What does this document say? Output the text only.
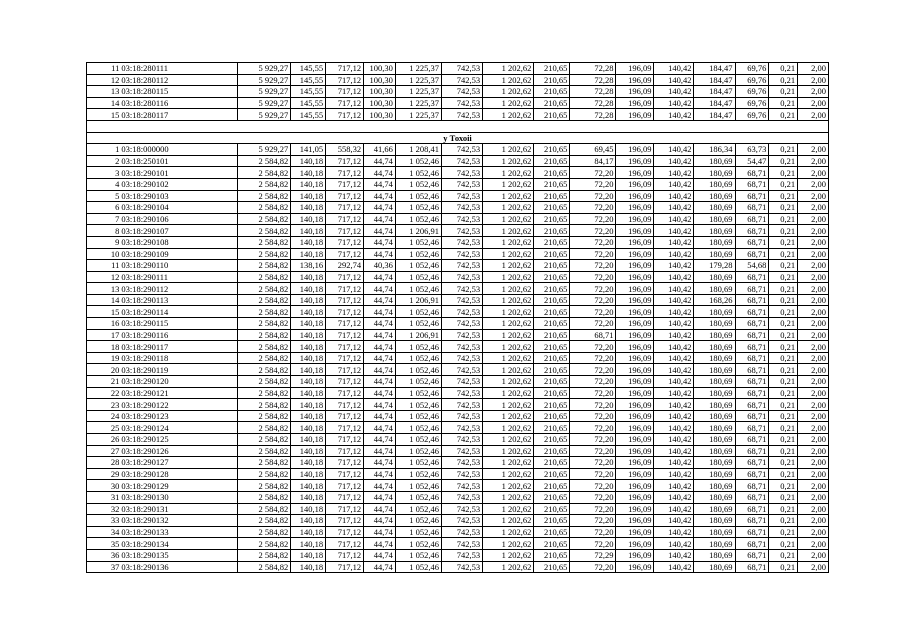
11	03:18:280111	5 929,27	145,55	717,12	100,30	1 225,37	742,53	1 202,62	210,65	72,28	196,09	140,42	184,47	69,76	0,21	2,00
12	03:18:280112	5 929,27	145,55	717,12	100,30	1 225,37	742,53	1 202,62	210,65	72,28	196,09	140,42	184,47	69,76	0,21	2,00
13	03:18:280115	5 929,27	145,55	717,12	100,30	1 225,37	742,53	1 202,62	210,65	72,28	196,09	140,42	184,47	69,76	0,21	2,00
14	03:18:280116	5 929,27	145,55	717,12	100,30	1 225,37	742,53	1 202,62	210,65	72,28	196,09	140,42	184,47	69,76	0,21	2,00
15	03:18:280117	5 929,27	145,55	717,12	100,30	1 225,37	742,53	1 202,62	210,65	72,28	196,09	140,42	184,47	69,76	0,21	2,00

у Тохоіі																
1	03:18:000000	5 929,27	141,05	558,32	41,66	1 208,41	742,53	1 202,62	210,65	69,45	196,09	140,42	186,34	63,73	0,21	2,00
2	03:18:250101	2 584,82	140,18	717,12	44,74	1 052,46	742,53	1 202,62	210,65	84,17	196,09	140,42	180,69	54,47	0,21	2,00
3	03:18:290101	2 584,82	140,18	717,12	44,74	1 052,46	742,53	1 202,62	210,65	72,20	196,09	140,42	180,69	68,71	0,21	2,00
4	03:18:290102	2 584,82	140,18	717,12	44,74	1 052,46	742,53	1 202,62	210,65	72,20	196,09	140,42	180,69	68,71	0,21	2,00
5	03:18:290103	2 584,82	140,18	717,12	44,74	1 052,46	742,53	1 202,62	210,65	72,20	196,09	140,42	180,69	68,71	0,21	2,00
6	03:18:290104	2 584,82	140,18	717,12	44,74	1 052,46	742,53	1 202,62	210,65	72,20	196,09	140,42	180,69	68,71	0,21	2,00
7	03:18:290106	2 584,82	140,18	717,12	44,74	1 052,46	742,53	1 202,62	210,65	72,20	196,09	140,42	180,69	68,71	0,21	2,00
8	03:18:290107	2 584,82	140,18	717,12	44,74	1 206,91	742,53	1 202,62	210,65	72,20	196,09	140,42	180,69	68,71	0,21	2,00
9	03:18:290108	2 584,82	140,18	717,12	44,74	1 052,46	742,53	1 202,62	210,65	72,20	196,09	140,42	180,69	68,71	0,21	2,00
10	03:18:290109	2 584,82	140,18	717,12	44,74	1 052,46	742,53	1 202,62	210,65	72,20	196,09	140,42	180,69	68,71	0,21	2,00
11	03:18:290110	2 584,82	138,16	292,74	40,36	1 052,46	742,53	1 202,62	210,65	72,20	196,09	140,42	179,28	54,68	0,21	2,00
12	03:18:290111	2 584,82	140,18	717,12	44,74	1 052,46	742,53	1 202,62	210,65	72,20	196,09	140,42	180,69	68,71	0,21	2,00
13	03:18:290112	2 584,82	140,18	717,12	44,74	1 052,46	742,53	1 202,62	210,65	72,20	196,09	140,42	180,69	68,71	0,21	2,00
14	03:18:290113	2 584,82	140,18	717,12	44,74	1 206,91	742,53	1 202,62	210,65	72,20	196,09	140,42	168,26	68,71	0,21	2,00
15	03:18:290114	2 584,82	140,18	717,12	44,74	1 052,46	742,53	1 202,62	210,65	72,20	196,09	140,42	180,69	68,71	0,21	2,00
16	03:18:290115	2 584,82	140,18	717,12	44,74	1 052,46	742,53	1 202,62	210,65	72,20	196,09	140,42	180,69	68,71	0,21	2,00
17	03:18:290116	2 584,82	140,18	717,12	44,74	1 206,91	742,53	1 202,62	210,65	68,71	196,09	140,42	180,69	68,71	0,21	2,00
18	03:18:290117	2 584,82	140,18	717,12	44,74	1 052,46	742,53	1 202,62	210,65	72,20	196,09	140,42	180,69	68,71	0,21	2,00
19	03:18:290118	2 584,82	140,18	717,12	44,74	1 052,46	742,53	1 202,62	210,65	72,20	196,09	140,42	180,69	68,71	0,21	2,00
20	03:18:290119	2 584,82	140,18	717,12	44,74	1 052,46	742,53	1 202,62	210,65	72,20	196,09	140,42	180,69	68,71	0,21	2,00
21	03:18:290120	2 584,82	140,18	717,12	44,74	1 052,46	742,53	1 202,62	210,65	72,20	196,09	140,42	180,69	68,71	0,21	2,00
22	03:18:290121	2 584,82	140,18	717,12	44,74	1 052,46	742,53	1 202,62	210,65	72,20	196,09	140,42	180,69	68,71	0,21	2,00
23	03:18:290122	2 584,82	140,18	717,12	44,74	1 052,46	742,53	1 202,62	210,65	72,20	196,09	140,42	180,69	68,71	0,21	2,00
24	03:18:290123	2 584,82	140,18	717,12	44,74	1 052,46	742,53	1 202,62	210,65	72,20	196,09	140,42	180,69	68,71	0,21	2,00
25	03:18:290124	2 584,82	140,18	717,12	44,74	1 052,46	742,53	1 202,62	210,65	72,20	196,09	140,42	180,69	68,71	0,21	2,00
26	03:18:290125	2 584,82	140,18	717,12	44,74	1 052,46	742,53	1 202,62	210,65	72,20	196,09	140,42	180,69	68,71	0,21	2,00
27	03:18:290126	2 584,82	140,18	717,12	44,74	1 052,46	742,53	1 202,62	210,65	72,20	196,09	140,42	180,69	68,71	0,21	2,00
28	03:18:290127	2 584,82	140,18	717,12	44,74	1 052,46	742,53	1 202,62	210,65	72,20	196,09	140,42	180,69	68,71	0,21	2,00
29	03:18:290128	2 584,82	140,18	717,12	44,74	1 052,46	742,53	1 202,62	210,65	72,20	196,09	140,42	180,69	68,71	0,21	2,00
30	03:18:290129	2 584,82	140,18	717,12	44,74	1 052,46	742,53	1 202,62	210,65	72,20	196,09	140,42	180,69	68,71	0,21	2,00
31	03:18:290130	2 584,82	140,18	717,12	44,74	1 052,46	742,53	1 202,62	210,65	72,20	196,09	140,42	180,69	68,71	0,21	2,00
32	03:18:290131	2 584,82	140,18	717,12	44,74	1 052,46	742,53	1 202,62	210,65	72,20	196,09	140,42	180,69	68,71	0,21	2,00
33	03:18:290132	2 584,82	140,18	717,12	44,74	1 052,46	742,53	1 202,62	210,65	72,20	196,09	140,42	180,69	68,71	0,21	2,00
34	03:18:290133	2 584,82	140,18	717,12	44,74	1 052,46	742,53	1 202,62	210,65	72,20	196,09	140,42	180,69	68,71	0,21	2,00
35	03:18:290134	2 584,82	140,18	717,12	44,74	1 052,46	742,53	1 202,62	210,65	72,20	196,09	140,42	180,69	68,71	0,21	2,00
36	03:18:290135	2 584,82	140,18	717,12	44,74	1 052,46	742,53	1 202,62	210,65	72,29	196,09	140,42	180,69	68,71	0,21	2,00
37	03:18:290136	2 584,82	140,18	717,12	44,74	1 052,46	742,53	1 202,62	210,65	72,20	196,09	140,42	180,69	68,71	0,21	2,00
